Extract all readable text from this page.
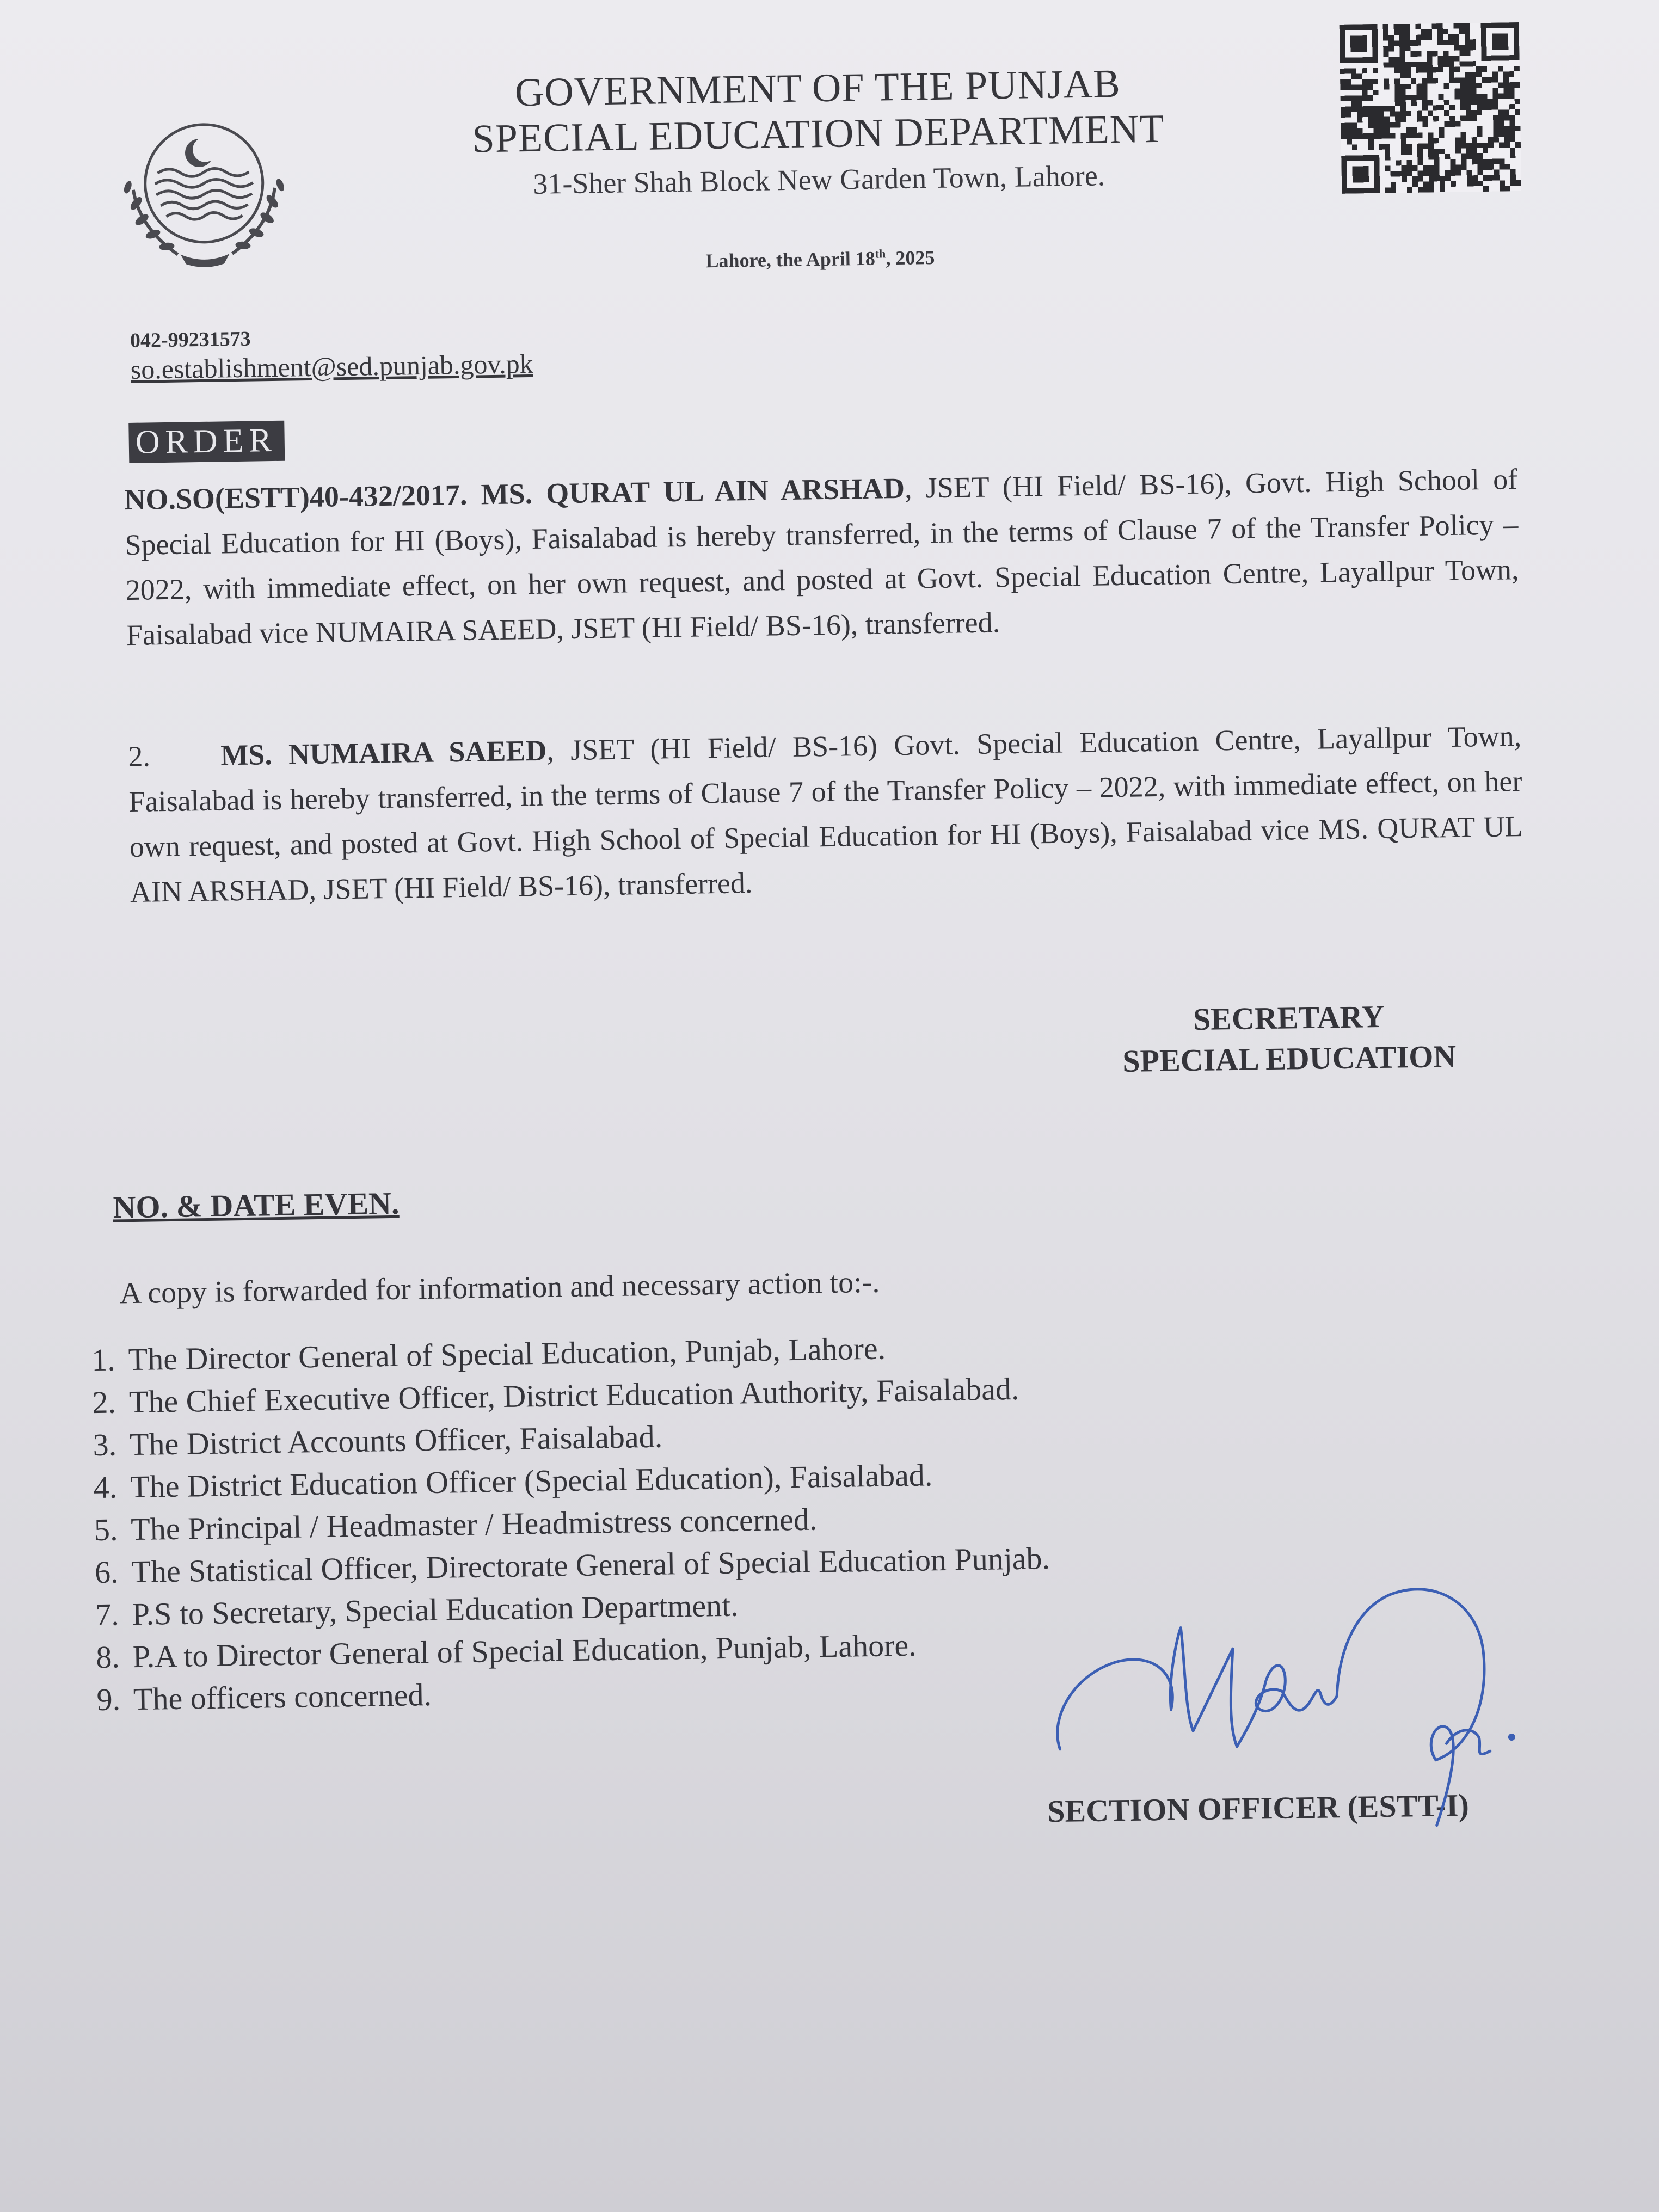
GOVERNMENT OF THE PUNJAB
SPECIAL EDUCATION DEPARTMENT
31-Sher Shah Block New Garden Town, Lahore.
Lahore, the April 18th, 2025
042-99231573
so.establishment@sed.punjab.gov.pk
ORDER
NO.SO(ESTT)40-432/2017. MS. QURAT UL AIN ARSHAD, JSET (HI Field/ BS-16), Govt. High School of Special Education for HI (Boys), Faisalabad is hereby transferred, in the terms of Clause 7 of the Transfer Policy – 2022, with immediate effect, on her own request, and posted at Govt. Special Education Centre, Layallpur Town, Faisalabad vice NUMAIRA SAEED, JSET (HI Field/ BS-16), transferred.
2. MS. NUMAIRA SAEED, JSET (HI Field/ BS-16) Govt. Special Education Centre, Layallpur Town, Faisalabad is hereby transferred, in the terms of Clause 7 of the Transfer Policy – 2022, with immediate effect, on her own request, and posted at Govt. High School of Special Education for HI (Boys), Faisalabad vice MS. QURAT UL AIN ARSHAD, JSET (HI Field/ BS-16), transferred.
SECRETARY
SPECIAL EDUCATION
NO. & DATE EVEN.
A copy is forwarded for information and necessary action to:-.
1. The Director General of Special Education, Punjab, Lahore.
2. The Chief Executive Officer, District Education Authority, Faisalabad.
3. The District Accounts Officer, Faisalabad.
4. The District Education Officer (Special Education), Faisalabad.
5. The Principal / Headmaster / Headmistress concerned.
6. The Statistical Officer, Directorate General of Special Education Punjab.
7. P.S to Secretary, Special Education Department.
8. P.A to Director General of Special Education, Punjab, Lahore.
9. The officers concerned.
SECTION OFFICER (ESTT-I)
